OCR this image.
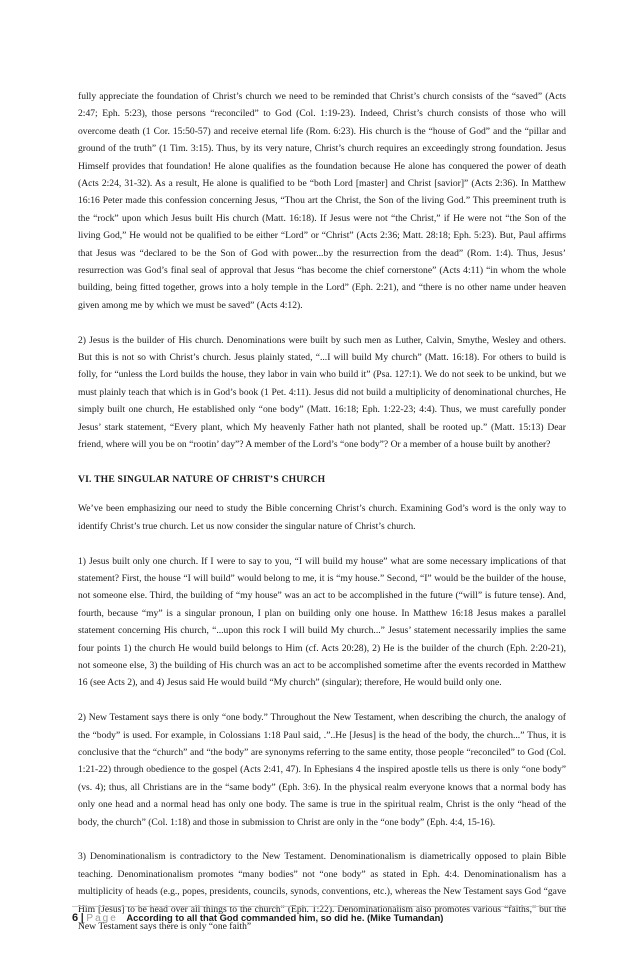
fully appreciate the foundation of Christ’s church we need to be reminded that Christ’s church consists of the “saved” (Acts 2:47; Eph. 5:23), those persons “reconciled” to God (Col. 1:19-23). Indeed, Christ’s church consists of those who will overcome death (1 Cor. 15:50-57) and receive eternal life (Rom. 6:23). His church is the “house of God” and the “pillar and ground of the truth” (1 Tim. 3:15). Thus, by its very nature, Christ’s church requires an exceedingly strong foundation. Jesus Himself provides that foundation! He alone qualifies as the foundation because He alone has conquered the power of death (Acts 2:24, 31-32). As a result, He alone is qualified to be “both Lord [master] and Christ [savior]” (Acts 2:36). In Matthew 16:16 Peter made this confession concerning Jesus, “Thou art the Christ, the Son of the living God.” This preeminent truth is the “rock” upon which Jesus built His church (Matt. 16:18). If Jesus were not “the Christ,” if He were not “the Son of the living God,” He would not be qualified to be either “Lord” or “Christ” (Acts 2:36; Matt. 28:18; Eph. 5:23). But, Paul affirms that Jesus was “declared to be the Son of God with power...by the resurrection from the dead” (Rom. 1:4). Thus, Jesus’ resurrection was God’s final seal of approval that Jesus “has become the chief cornerstone” (Acts 4:11) “in whom the whole building, being fitted together, grows into a holy temple in the Lord” (Eph. 2:21), and “there is no other name under heaven given among me by which we must be saved” (Acts 4:12).

2) Jesus is the builder of His church. Denominations were built by such men as Luther, Calvin, Smythe, Wesley and others. But this is not so with Christ’s church. Jesus plainly stated, “...I will build My church” (Matt. 16:18). For others to build is folly, for “unless the Lord builds the house, they labor in vain who build it” (Psa. 127:1). We do not seek to be unkind, but we must plainly teach that which is in God’s book (1 Pet. 4:11). Jesus did not build a multiplicity of denominational churches, He simply built one church, He established only “one body” (Matt. 16:18; Eph. 1:22-23; 4:4). Thus, we must carefully ponder Jesus’ stark statement, “Every plant, which My heavenly Father hath not planted, shall be rooted up.” (Matt. 15:13) Dear friend, where will you be on “rootin’ day”? A member of the Lord’s “one body”? Or a member of a house built by another?

VI. THE SINGULAR NATURE OF CHRIST’S CHURCH

We’ve been emphasizing our need to study the Bible concerning Christ’s church. Examining God’s word is the only way to identify Christ’s true church. Let us now consider the singular nature of Christ’s church.

1) Jesus built only one church. If I were to say to you, “I will build my house” what are some necessary implications of that statement? First, the house “I will build” would belong to me, it is “my house.” Second, “I” would be the builder of the house, not someone else. Third, the building of “my house” was an act to be accomplished in the future (“will” is future tense). And, fourth, because “my” is a singular pronoun, I plan on building only one house. In Matthew 16:18 Jesus makes a parallel statement concerning His church, “...upon this rock I will build My church...” Jesus’ statement necessarily implies the same four points 1) the church He would build belongs to Him (cf. Acts 20:28), 2) He is the builder of the church (Eph. 2:20-21), not someone else, 3) the building of His church was an act to be accomplished sometime after the events recorded in Matthew 16 (see Acts 2), and 4) Jesus said He would build “My church” (singular); therefore, He would build only one.

2) New Testament says there is only “one body.” Throughout the New Testament, when describing the church, the analogy of the “body” is used. For example, in Colossians 1:18 Paul said, .”..He [Jesus] is the head of the body, the church...” Thus, it is conclusive that the “church” and “the body” are synonyms referring to the same entity, those people “reconciled” to God (Col. 1:21-22) through obedience to the gospel (Acts 2:41, 47). In Ephesians 4 the inspired apostle tells us there is only “one body” (vs. 4); thus, all Christians are in the “same body” (Eph. 3:6). In the physical realm everyone knows that a normal body has only one head and a normal head has only one body. The same is true in the spiritual realm, Christ is the only “head of the body, the church” (Col. 1:18) and those in submission to Christ are only in the “one body” (Eph. 4:4, 15-16).

3) Denominationalism is contradictory to the New Testament. Denominationalism is diametrically opposed to plain Bible teaching. Denominationalism promotes “many bodies” not “one body” as stated in Eph. 4:4. Denominationalism has a multiplicity of heads (e.g., popes, presidents, councils, synods, conventions, etc.), whereas the New Testament says God “gave Him [Jesus] to be head over all things to the church” (Eph. 1:22). Denominationalism also promotes various “faiths,” but the New Testament says there is only “one faith”

6 | Page According to all that God commanded him, so did he. (Mike Tumandan)
